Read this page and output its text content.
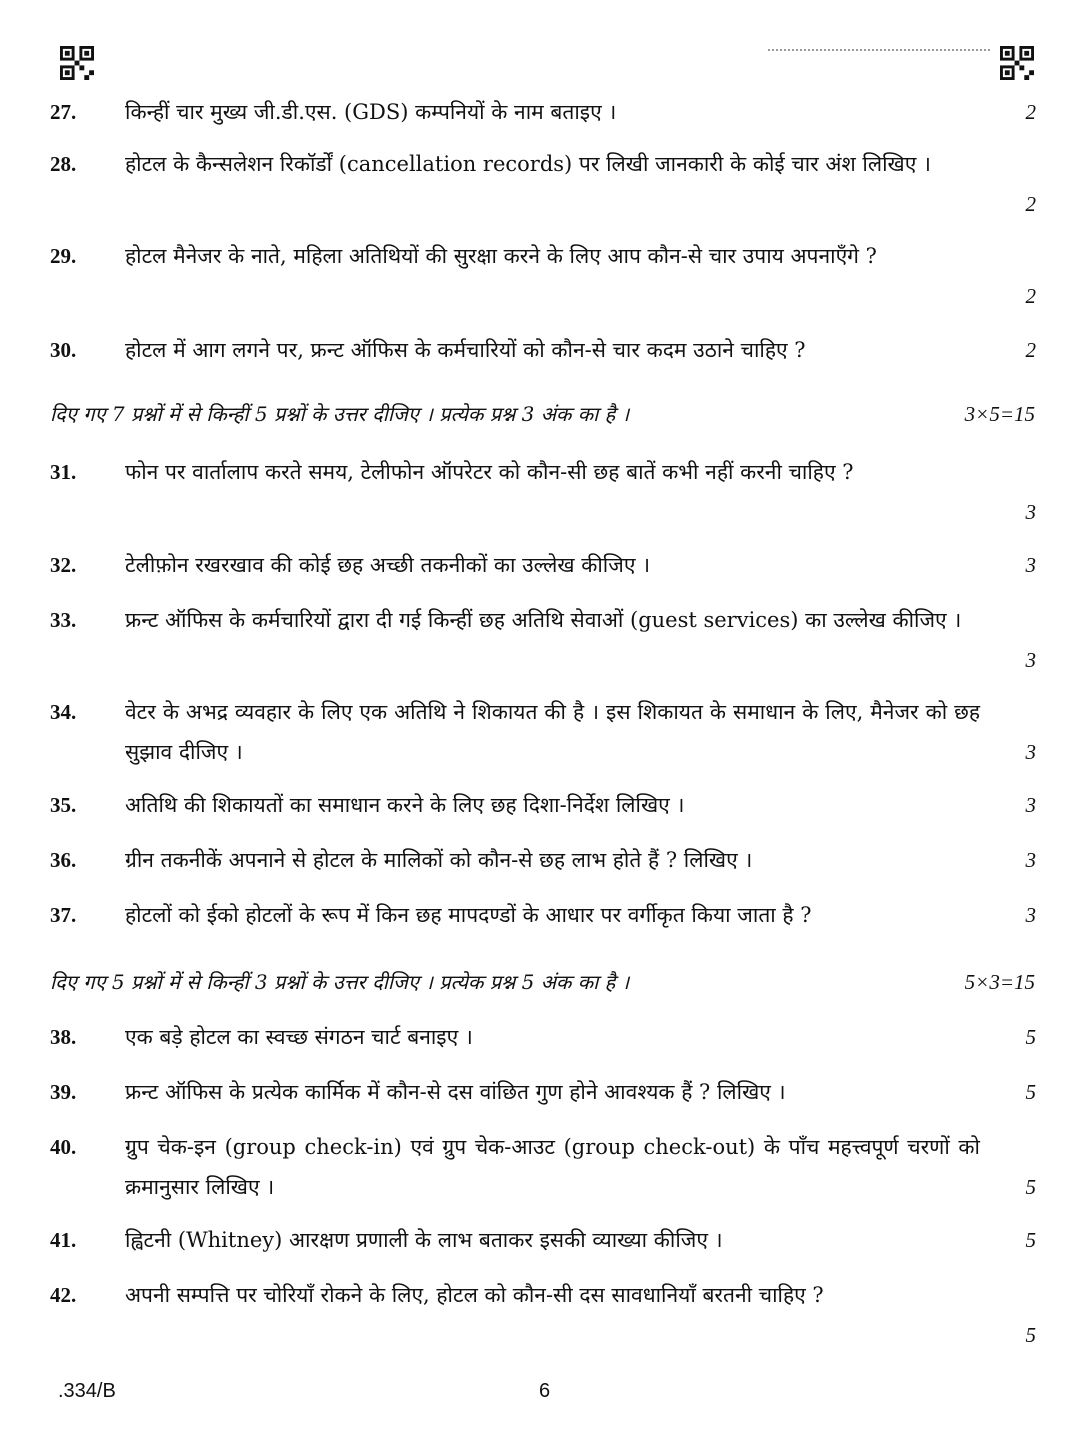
27. किन्हीं चार मुख्य जी.डी.एस. (GDS) कम्पनियों के नाम बताइए ।	2
28. होटल के कैन्सलेशन रिकॉर्डों (cancellation records) पर लिखी जानकारी के कोई चार अंश लिखिए ।
2
29. होटल मैनेजर के नाते, महिला अतिथियों की सुरक्षा करने के लिए आप कौन-से चार उपाय अपनाएँगे ?
2
30. होटल में आग लगने पर, फ्रन्ट ऑफिस के कर्मचारियों को कौन-से चार कदम उठाने चाहिए ?	2
दिए गए 7 प्रश्नों में से किन्हीं 5 प्रश्नों के उत्तर दीजिए । प्रत्येक प्रश्न 3 अंक का है ।	3×5=15
31. फोन पर वार्तालाप करते समय, टेलीफोन ऑपरेटर को कौन-सी छह बातें कभी नहीं करनी चाहिए ?
3
32. टेलीफ़ोन रखरखाव की कोई छह अच्छी तकनीकों का उल्लेख कीजिए ।	3
33. फ्रन्ट ऑफिस के कर्मचारियों द्वारा दी गई किन्हीं छह अतिथि सेवाओं (guest services) का उल्लेख कीजिए ।
3
34. वेटर के अभद्र व्यवहार के लिए एक अतिथि ने शिकायत की है । इस शिकायत के समाधान के लिए, मैनेजर को छह सुझाव दीजिए ।	3
35. अतिथि की शिकायतों का समाधान करने के लिए छह दिशा-निर्देश लिखिए ।	3
36. ग्रीन तकनीकें अपनाने से होटल के मालिकों को कौन-से छह लाभ होते हैं ? लिखिए ।	3
37. होटलों को ईको होटलों के रूप में किन छह मापदण्डों के आधार पर वर्गीकृत किया जाता है ?	3
दिए गए 5 प्रश्नों में से किन्हीं 3 प्रश्नों के उत्तर दीजिए । प्रत्येक प्रश्न 5 अंक का है ।	5×3=15
38. एक बड़े होटल का स्वच्छ संगठन चार्ट बनाइए ।	5
39. फ्रन्ट ऑफिस के प्रत्येक कार्मिक में कौन-से दस वांछित गुण होने आवश्यक हैं ? लिखिए ।	5
40. ग्रुप चेक-इन (group check-in) एवं ग्रुप चेक-आउट (group check-out) के पाँच महत्त्वपूर्ण चरणों को क्रमानुसार लिखिए ।	5
41. ह्विटनी (Whitney) आरक्षण प्रणाली के लाभ बताकर इसकी व्याख्या कीजिए ।	5
42. अपनी सम्पत्ति पर चोरियाँ रोकने के लिए, होटल को कौन-सी दस सावधानियाँ बरतनी चाहिए ?
5
.334/B	6
